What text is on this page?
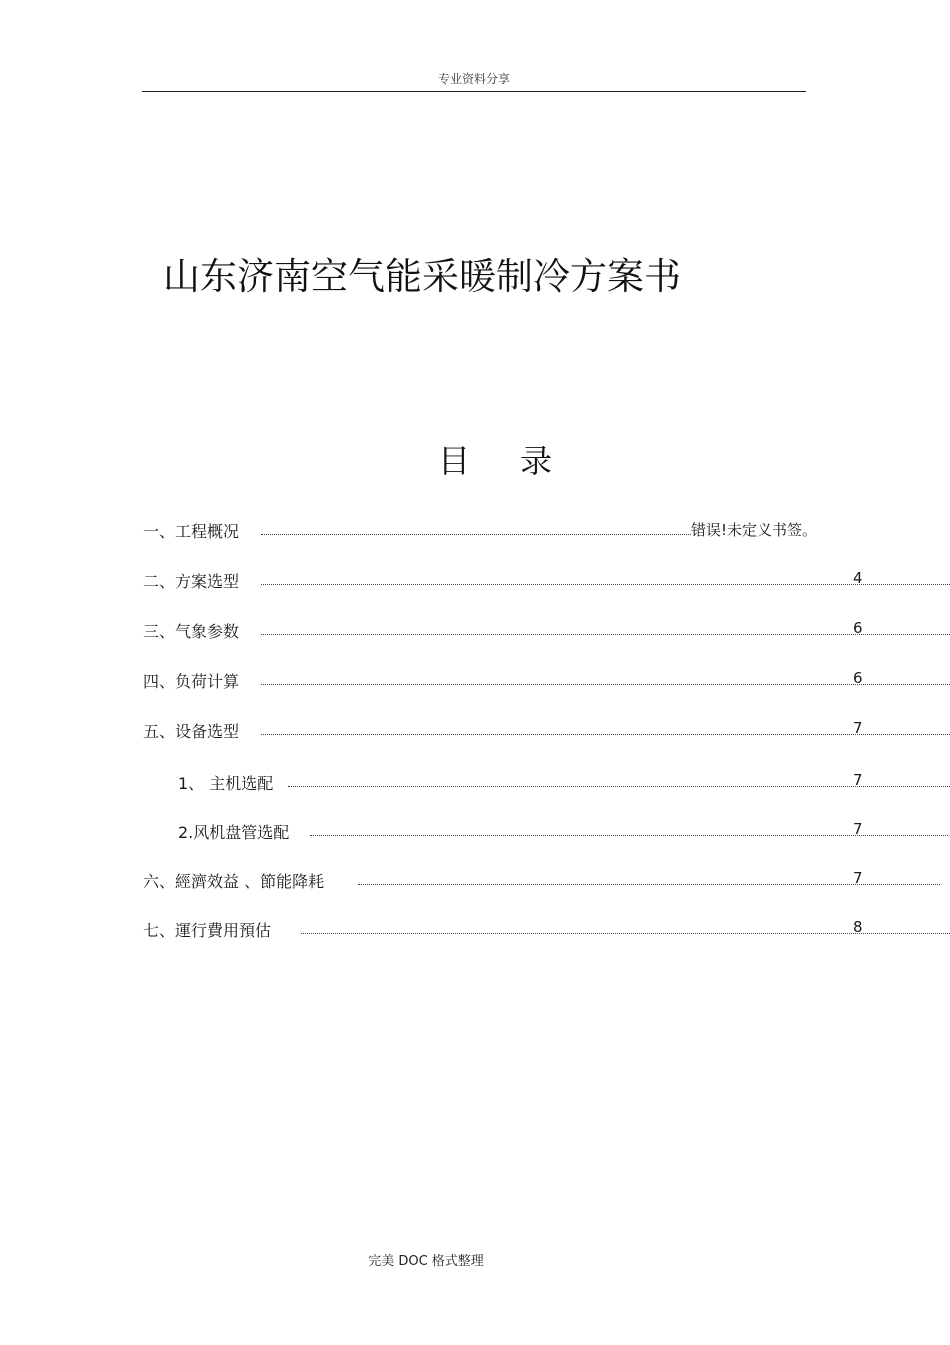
专业资料分享
山东济南空气能采暖制冷方案书
目 录
一、工程概况	错误!未定义书签。
二、方案选型	4
三、气象参数	6
四、负荷计算	6
五、设备选型	7
1、 主机选配	7
2.风机盘管选配	7
六、經濟效益 、節能降耗	7
七、運行費用預估	8
完美 DOC 格式整理
